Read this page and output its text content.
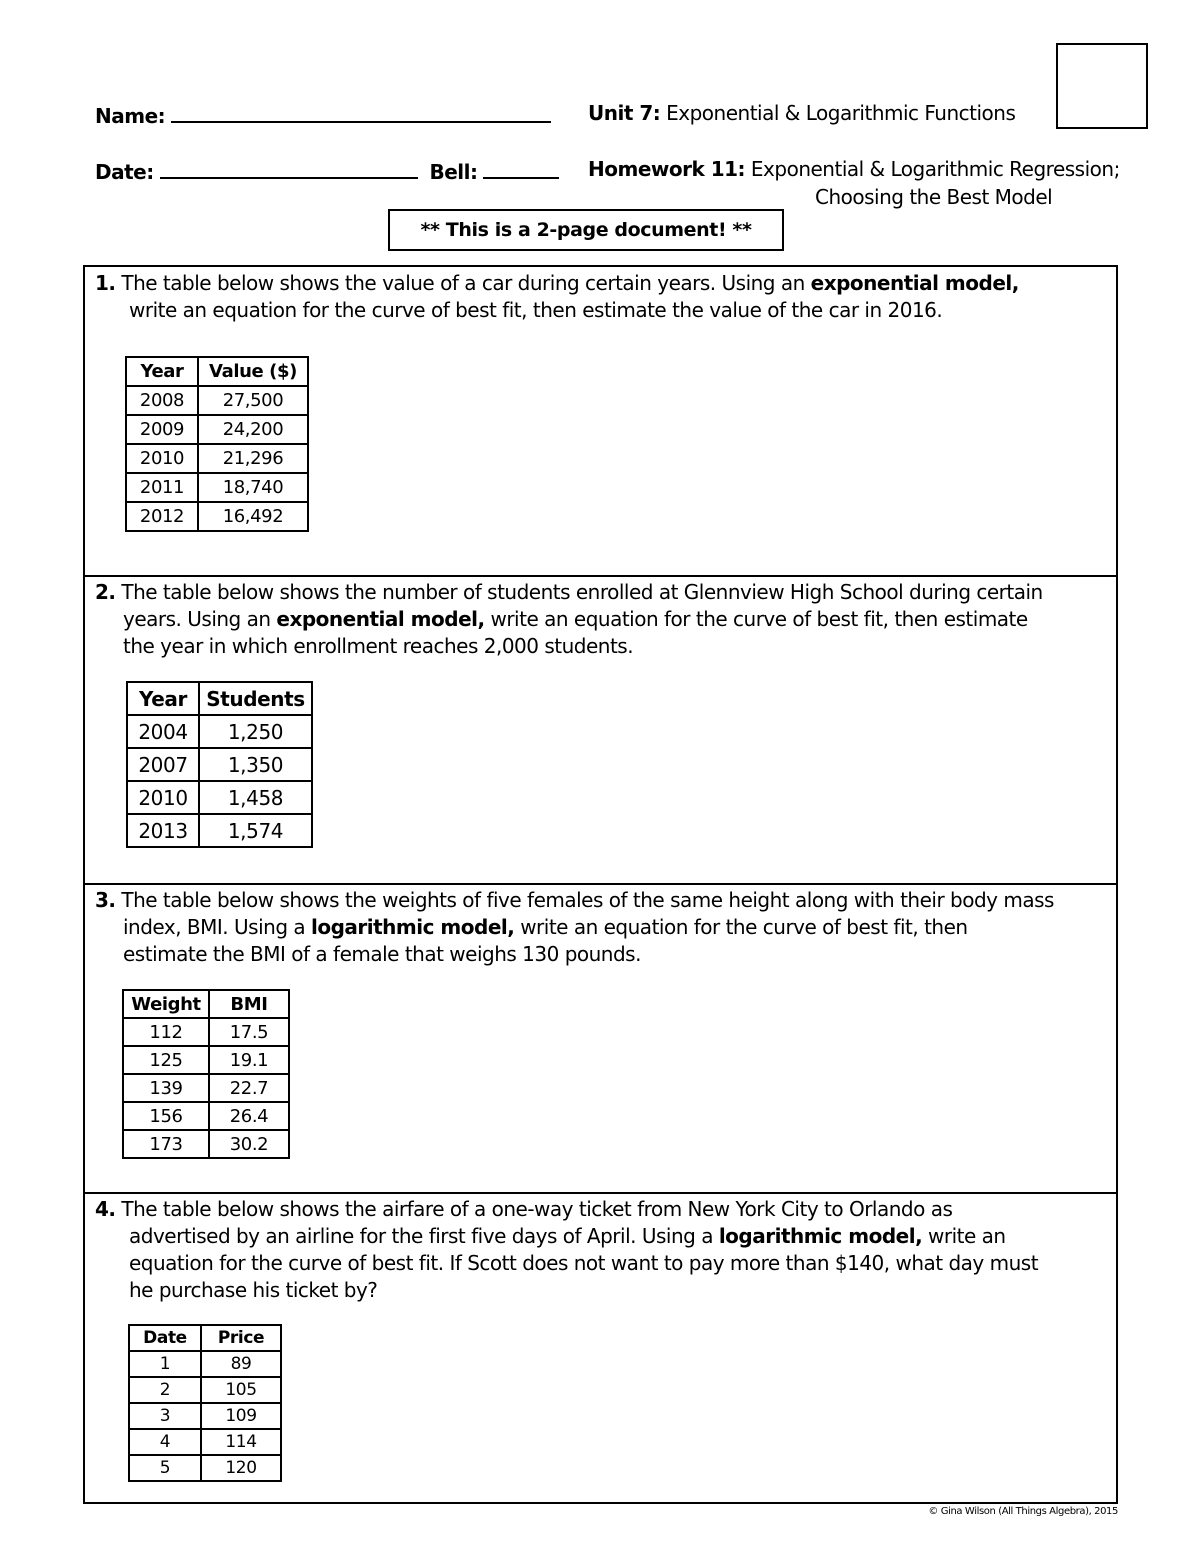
Name:	Unit 7: Exponential & Logarithmic Functions
Date:	Bell:	Homework 11: Exponential & Logarithmic Regression;
Choosing the Best Model
** This is a 2-page document! **
1. The table below shows the value of a car during certain years. Using an exponential model,
write an equation for the curve of best fit, then estimate the value of the car in 2016.
Year	Value ($)
2008	27,500
2009	24,200
2010	21,296
2011	18,740
2012	16,492
2. The table below shows the number of students enrolled at Glennview High School during certain
years. Using an exponential model, write an equation for the curve of best fit, then estimate
the year in which enrollment reaches 2,000 students.
Year	Students
2004	1,250
2007	1,350
2010	1,458
2013	1,574
3. The table below shows the weights of five females of the same height along with their body mass
index, BMI. Using a logarithmic model, write an equation for the curve of best fit, then
estimate the BMI of a female that weighs 130 pounds.
Weight	BMI
112	17.5
125	19.1
139	22.7
156	26.4
173	30.2
4. The table below shows the airfare of a one-way ticket from New York City to Orlando as
advertised by an airline for the first five days of April. Using a logarithmic model, write an
equation for the curve of best fit. If Scott does not want to pay more than $140, what day must
he purchase his ticket by?
Date	Price
1	89
2	105
3	109
4	114
5	120
© Gina Wilson (All Things Algebra), 2015
